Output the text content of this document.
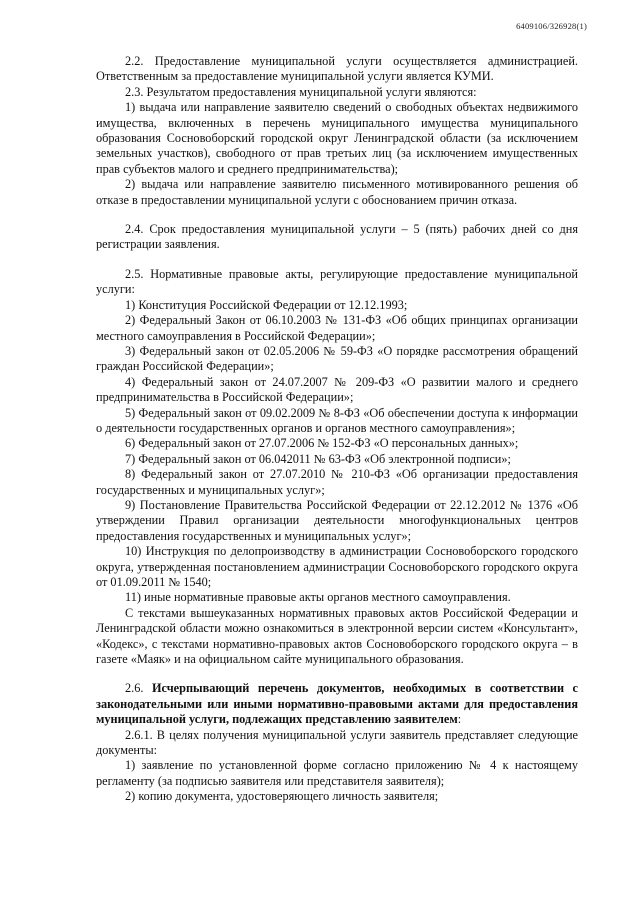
6409106/326928(1)

2.2. Предоставление муниципальной услуги осуществляется администрацией. Ответственным за предоставление муниципальной услуги является КУМИ.

2.3. Результатом предоставления муниципальной услуги являются:

1) выдача или направление заявителю сведений о свободных объектах недвижимого имущества, включенных в перечень муниципального имущества муниципального образования Сосновоборский городской округ Ленинградской области (за исключением земельных участков), свободного от прав третьих лиц (за исключением имущественных прав субъектов малого и среднего предпринимательства);

2) выдача или направление заявителю письменного мотивированного решения об отказе в предоставлении муниципальной услуги с обоснованием причин отказа.

2.4. Срок предоставления муниципальной услуги – 5 (пять) рабочих дней со дня регистрации заявления.

2.5. Нормативные правовые акты, регулирующие предоставление муниципальной услуги:

1) Конституция Российской Федерации от 12.12.1993;

2) Федеральный Закон от 06.10.2003 № 131-ФЗ «Об общих принципах организации местного самоуправления в Российской Федерации»;

3) Федеральный закон от 02.05.2006 № 59-ФЗ «О порядке рассмотрения обращений граждан Российской Федерации»;

4) Федеральный закон от 24.07.2007 № 209-ФЗ «О развитии малого и среднего предпринимательства в Российской Федерации»;

5) Федеральный закон от 09.02.2009 № 8-ФЗ «Об обеспечении доступа к информации о деятельности государственных органов и органов местного самоуправления»;

6) Федеральный закон от 27.07.2006 № 152-ФЗ «О персональных данных»;

7) Федеральный закон от 06.042011 № 63-ФЗ «Об электронной подписи»;

8) Федеральный закон от 27.07.2010 № 210-ФЗ «Об организации предоставления государственных и муниципальных услуг»;

9) Постановление Правительства Российской Федерации от 22.12.2012 № 1376 «Об утверждении Правил организации деятельности многофункциональных центров предоставления государственных и муниципальных услуг»;

10) Инструкция по делопроизводству в администрации Сосновоборского городского округа, утвержденная постановлением администрации Сосновоборского городского округа от 01.09.2011 № 1540;

11) иные нормативные правовые акты органов местного самоуправления.

С текстами вышеуказанных нормативных правовых актов Российской Федерации и Ленинградской области можно ознакомиться в электронной версии систем «Консультант», «Кодекс», с текстами нормативно-правовых актов Сосновоборского городского округа – в газете «Маяк» и на официальном сайте муниципального образования.

2.6. Исчерпывающий перечень документов, необходимых в соответствии с законодательными или иными нормативно-правовыми актами для предоставления муниципальной услуги, подлежащих представлению заявителем:

2.6.1. В целях получения муниципальной услуги заявитель представляет следующие документы:

1) заявление по установленной форме согласно приложению № 4 к настоящему регламенту (за подписью заявителя или представителя заявителя);

2) копию документа, удостоверяющего личность заявителя;
